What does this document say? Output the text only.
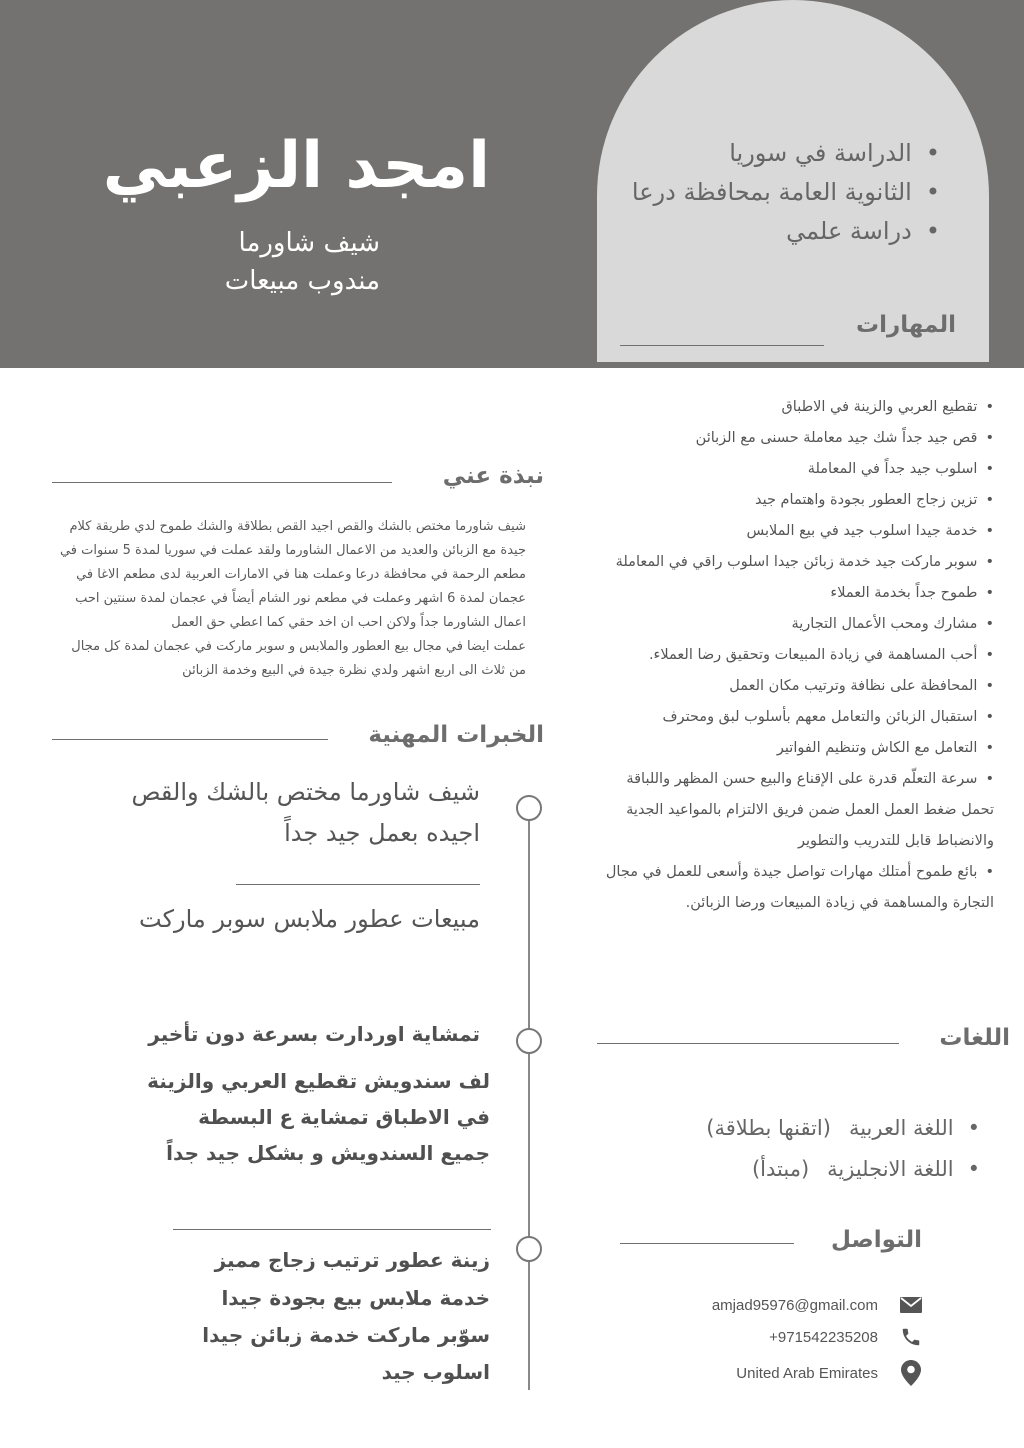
امجد الزعبي
شيف شاورما
مندوب مبيعات
• الدراسة في سوريا
• الثانوية العامة بمحافظة درعا
• دراسة علمي
المهارات
• تقطيع العربي والزينة في الاطباق
• قص جيد جداً شك جيد معاملة حسنى مع الزبائن
• اسلوب جيد جداً في المعاملة
• تزين زجاج العطور بجودة واهتمام جيد
• خدمة جيدا اسلوب جيد في بيع الملابس
• سوبر ماركت جيد خدمة زبائن جيدا اسلوب راقي في المعاملة
• طموح جداً بخدمة العملاء
• مشارك ومحب الأعمال التجارية
• أحب المساهمة في زيادة المبيعات وتحقيق رضا العملاء.
• المحافظة على نظافة وترتيب مكان العمل
• استقبال الزبائن والتعامل معهم بأسلوب لبق ومحترف
• التعامل مع الكاش وتنظيم الفواتير
• سرعة التعلّم قدرة على الإقناع والبيع حسن المظهر واللباقة تحمل ضغط العمل العمل ضمن فريق الالتزام بالمواعيد الجدية والانضباط قابل للتدريب والتطوير
• بائع طموح أمتلك مهارات تواصل جيدة وأسعى للعمل في مجال التجارة والمساهمة في زيادة المبيعات ورضا الزبائن.
نبذة عني

شيف شاورما مختص بالشك والقص اجيد القص بطلاقة والشك طموح لدي طريقة كلام جيدة مع الزبائن والعديد من الاعمال الشاورما ولقد عملت في سوريا لمدة 5 سنوات في مطعم الرحمة في محافظة درعا وعملت هنا في الامارات العربية لدى مطعم الاغا في عجمان لمدة 6 اشهر وعملت في مطعم نور الشام أيضاً في عجمان لمدة سنتين احب اعمال الشاورما جداً ولاكن احب ان اخد حقي كما اعطي حق العمل

عملت ايضا في مجال بيع العطور والملابس و سوبر ماركت في عجمان لمدة كل مجال من ثلاث الى اربع اشهر ولدي نظرة جيدة في البيع وخدمة الزبائن

الخبرات المهنية
شيف شاورما مختص بالشك والقص
اجيده بعمل جيد جداً
مبيعات عطور ملابس سوبر ماركت
تمشاية اوردارت بسرعة دون تأخير
لف سندويش تقطيع العربي والزينة
في الاطباق تمشاية ع البسطة
جميع السندويش و بشكل جيد جداً
زينة عطور ترتيب زجاج مميز
خدمة ملابس بيع بجودة جيدا
سوّبر ماركت خدمة زبائن جيدا
اسلوب جيد
اللغات
• اللغة العربية(اتقنها بطلاقة)
• اللغة الانجليزية(مبتدأ)
التواصل
amjad95976@gmail.com
+971542235208
United Arab Emirates
